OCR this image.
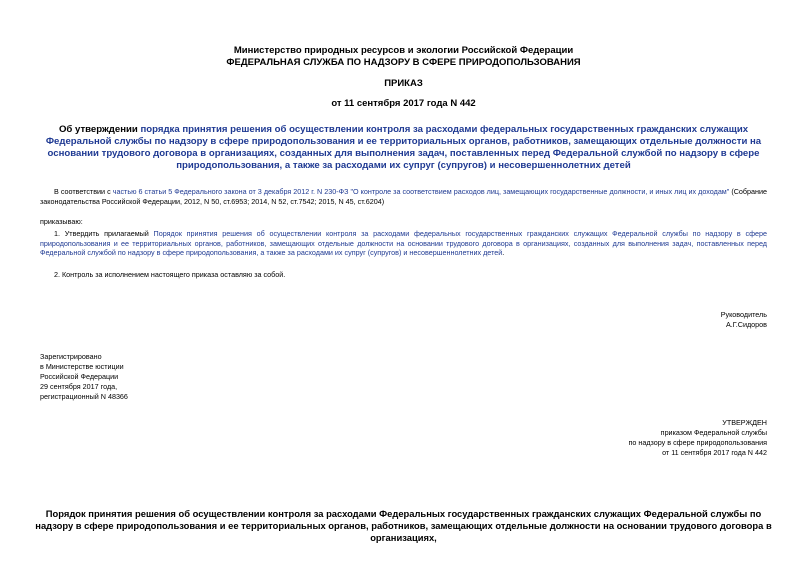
Министерство природных ресурсов и экологии Российской Федерации
ФЕДЕРАЛЬНАЯ СЛУЖБА ПО НАДЗОРУ В СФЕРЕ ПРИРОДОПОЛЬЗОВАНИЯ
ПРИКАЗ
от 11 сентября 2017 года N 442
Об утверждении порядка принятия решения об осуществлении контроля за расходами федеральных государственных гражданских служащих Федеральной службы по надзору в сфере природопользования и ее территориальных органов, работников, замещающих отдельные должности на основании трудового договора в организациях, созданных для выполнения задач, поставленных перед Федеральной службой по надзору в сфере природопользования, а также за расходами их супруг (супругов) и несовершеннолетних детей
В соответствии с частью 6 статьи 5 Федерального закона от 3 декабря 2012 г. N 230-ФЗ "О контроле за соответствием расходов лиц, замещающих государственные должности, и иных лиц их доходам" (Собрание законодательства Российской Федерации, 2012, N 50, ст.6953; 2014, N 52, ст.7542; 2015, N 45, ст.6204)
приказываю:
1. Утвердить прилагаемый Порядок принятия решения об осуществлении контроля за расходами федеральных государственных гражданских служащих Федеральной службы по надзору в сфере природопользования и ее территориальных органов, работников, замещающих отдельные должности на основании трудового договора в организациях, созданных для выполнения задач, поставленных перед Федеральной службой по надзору в сфере природопользования, а также за расходами их супруг (супругов) и несовершеннолетних детей.
2. Контроль за исполнением настоящего приказа оставляю за собой.
Руководитель
А.Г.Сидоров
Зарегистрировано
в Министерстве юстиции
Российской Федерации
29 сентября 2017 года,
регистрационный N 48366
УТВЕРЖДЕН
приказом Федеральной службы
по надзору в сфере природопользования
от 11 сентября 2017 года N 442
Порядок принятия решения об осуществлении контроля за расходами Федеральных государственных гражданских служащих Федеральной службы по надзору в сфере природопользования и ее территориальных органов, работников, замещающих отдельные должности на основании трудового договора в организациях,
